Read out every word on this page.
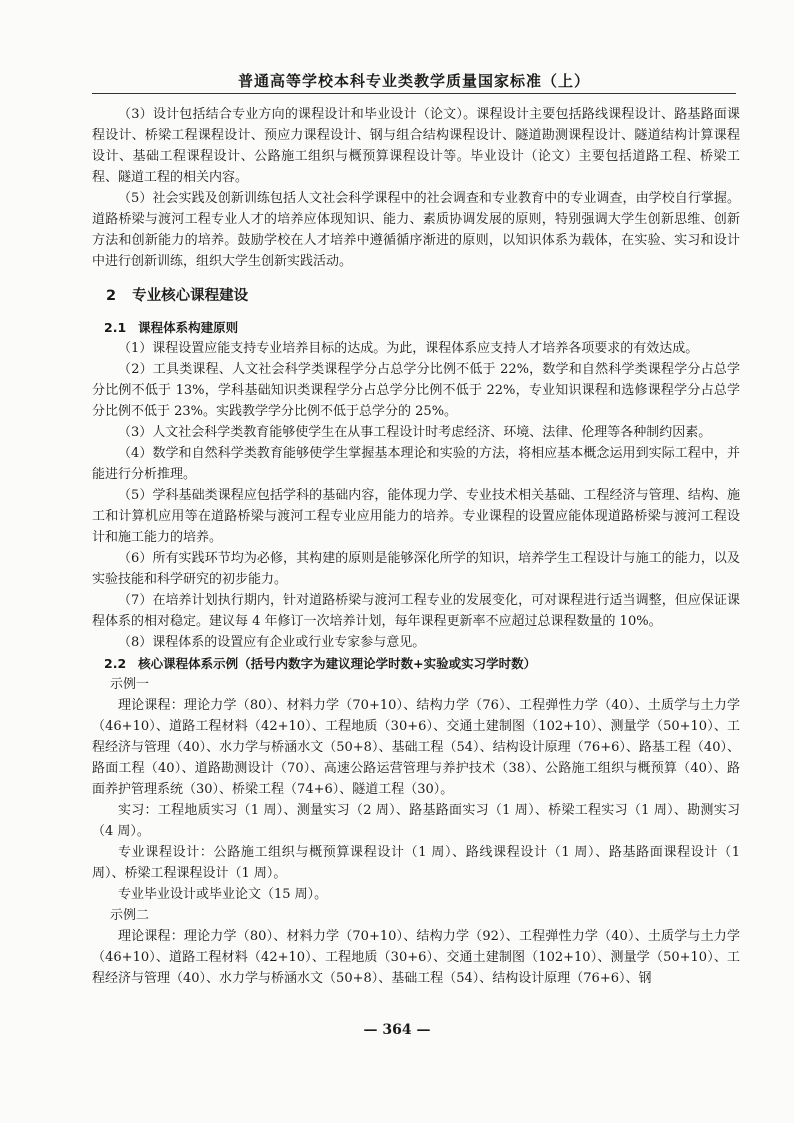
普通高等学校本科专业类教学质量国家标准（上）

（3）设计包括结合专业方向的课程设计和毕业设计（论文）。课程设计主要包括路线课程设计、路基路面课程设计、桥梁工程课程设计、预应力课程设计、钢与组合结构课程设计、隧道勘测课程设计、隧道结构计算课程设计、基础工程课程设计、公路施工组织与概预算课程设计等。毕业设计（论文）主要包括道路工程、桥梁工程、隧道工程的相关内容。

（5）社会实践及创新训练包括人文社会科学课程中的社会调查和专业教育中的专业调查，由学校自行掌握。道路桥梁与渡河工程专业人才的培养应体现知识、能力、素质协调发展的原则，特别强调大学生创新思维、创新方法和创新能力的培养。鼓励学校在人才培养中遵循循序渐进的原则，以知识体系为载体，在实验、实习和设计中进行创新训练，组织大学生创新实践活动。

2 专业核心课程建设
2.1 课程体系构建原则

（1）课程设置应能支持专业培养目标的达成。为此，课程体系应支持人才培养各项要求的有效达成。

（2）工具类课程、人文社会科学类课程学分占总学分比例不低于 22%，数学和自然科学类课程学分占总学分比例不低于 13%，学科基础知识类课程学分占总学分比例不低于 22%，专业知识课程和选修课程学分占总学分比例不低于 23%。实践教学学分比例不低于总学分的 25%。

（3）人文社会科学类教育能够使学生在从事工程设计时考虑经济、环境、法律、伦理等各种制约因素。

（4）数学和自然科学类教育能够使学生掌握基本理论和实验的方法，将相应基本概念运用到实际工程中，并能进行分析推理。

（5）学科基础类课程应包括学科的基础内容，能体现力学、专业技术相关基础、工程经济与管理、结构、施工和计算机应用等在道路桥梁与渡河工程专业应用能力的培养。专业课程的设置应能体现道路桥梁与渡河工程设计和施工能力的培养。

（6）所有实践环节均为必修，其构建的原则是能够深化所学的知识，培养学生工程设计与施工的能力，以及实验技能和科学研究的初步能力。

（7）在培养计划执行期内，针对道路桥梁与渡河工程专业的发展变化，可对课程进行适当调整，但应保证课程体系的相对稳定。建议每 4 年修订一次培养计划，每年课程更新率不应超过总课程数量的 10%。

（8）课程体系的设置应有企业或行业专家参与意见。

2.2 核心课程体系示例（括号内数字为建议理论学时数+实验或实习学时数）

示例一

理论课程：理论力学（80）、材料力学（70+10）、结构力学（76）、工程弹性力学（40）、土质学与土力学（46+10）、道路工程材料（42+10）、工程地质（30+6）、交通土建制图（102+10）、测量学（50+10）、工程经济与管理（40）、水力学与桥涵水文（50+8）、基础工程（54）、结构设计原理（76+6）、路基工程（40）、路面工程（40）、道路勘测设计（70）、高速公路运营管理与养护技术（38）、公路施工组织与概预算（40）、路面养护管理系统（30）、桥梁工程（74+6）、隧道工程（30）。

实习：工程地质实习（1 周）、测量实习（2 周）、路基路面实习（1 周）、桥梁工程实习（1 周）、勘测实习（4 周）。

专业课程设计：公路施工组织与概预算课程设计（1 周）、路线课程设计（1 周）、路基路面课程设计（1 周）、桥梁工程课程设计（1 周）。

专业毕业设计或毕业论文（15 周）。

示例二

理论课程：理论力学（80）、材料力学（70+10）、结构力学（92）、工程弹性力学（40）、土质学与土力学（46+10）、道路工程材料（42+10）、工程地质（30+6）、交通土建制图（102+10）、测量学（50+10）、工程经济与管理（40）、水力学与桥涵水文（50+8）、基础工程（54）、结构设计原理（76+6）、钢

— 364 —
